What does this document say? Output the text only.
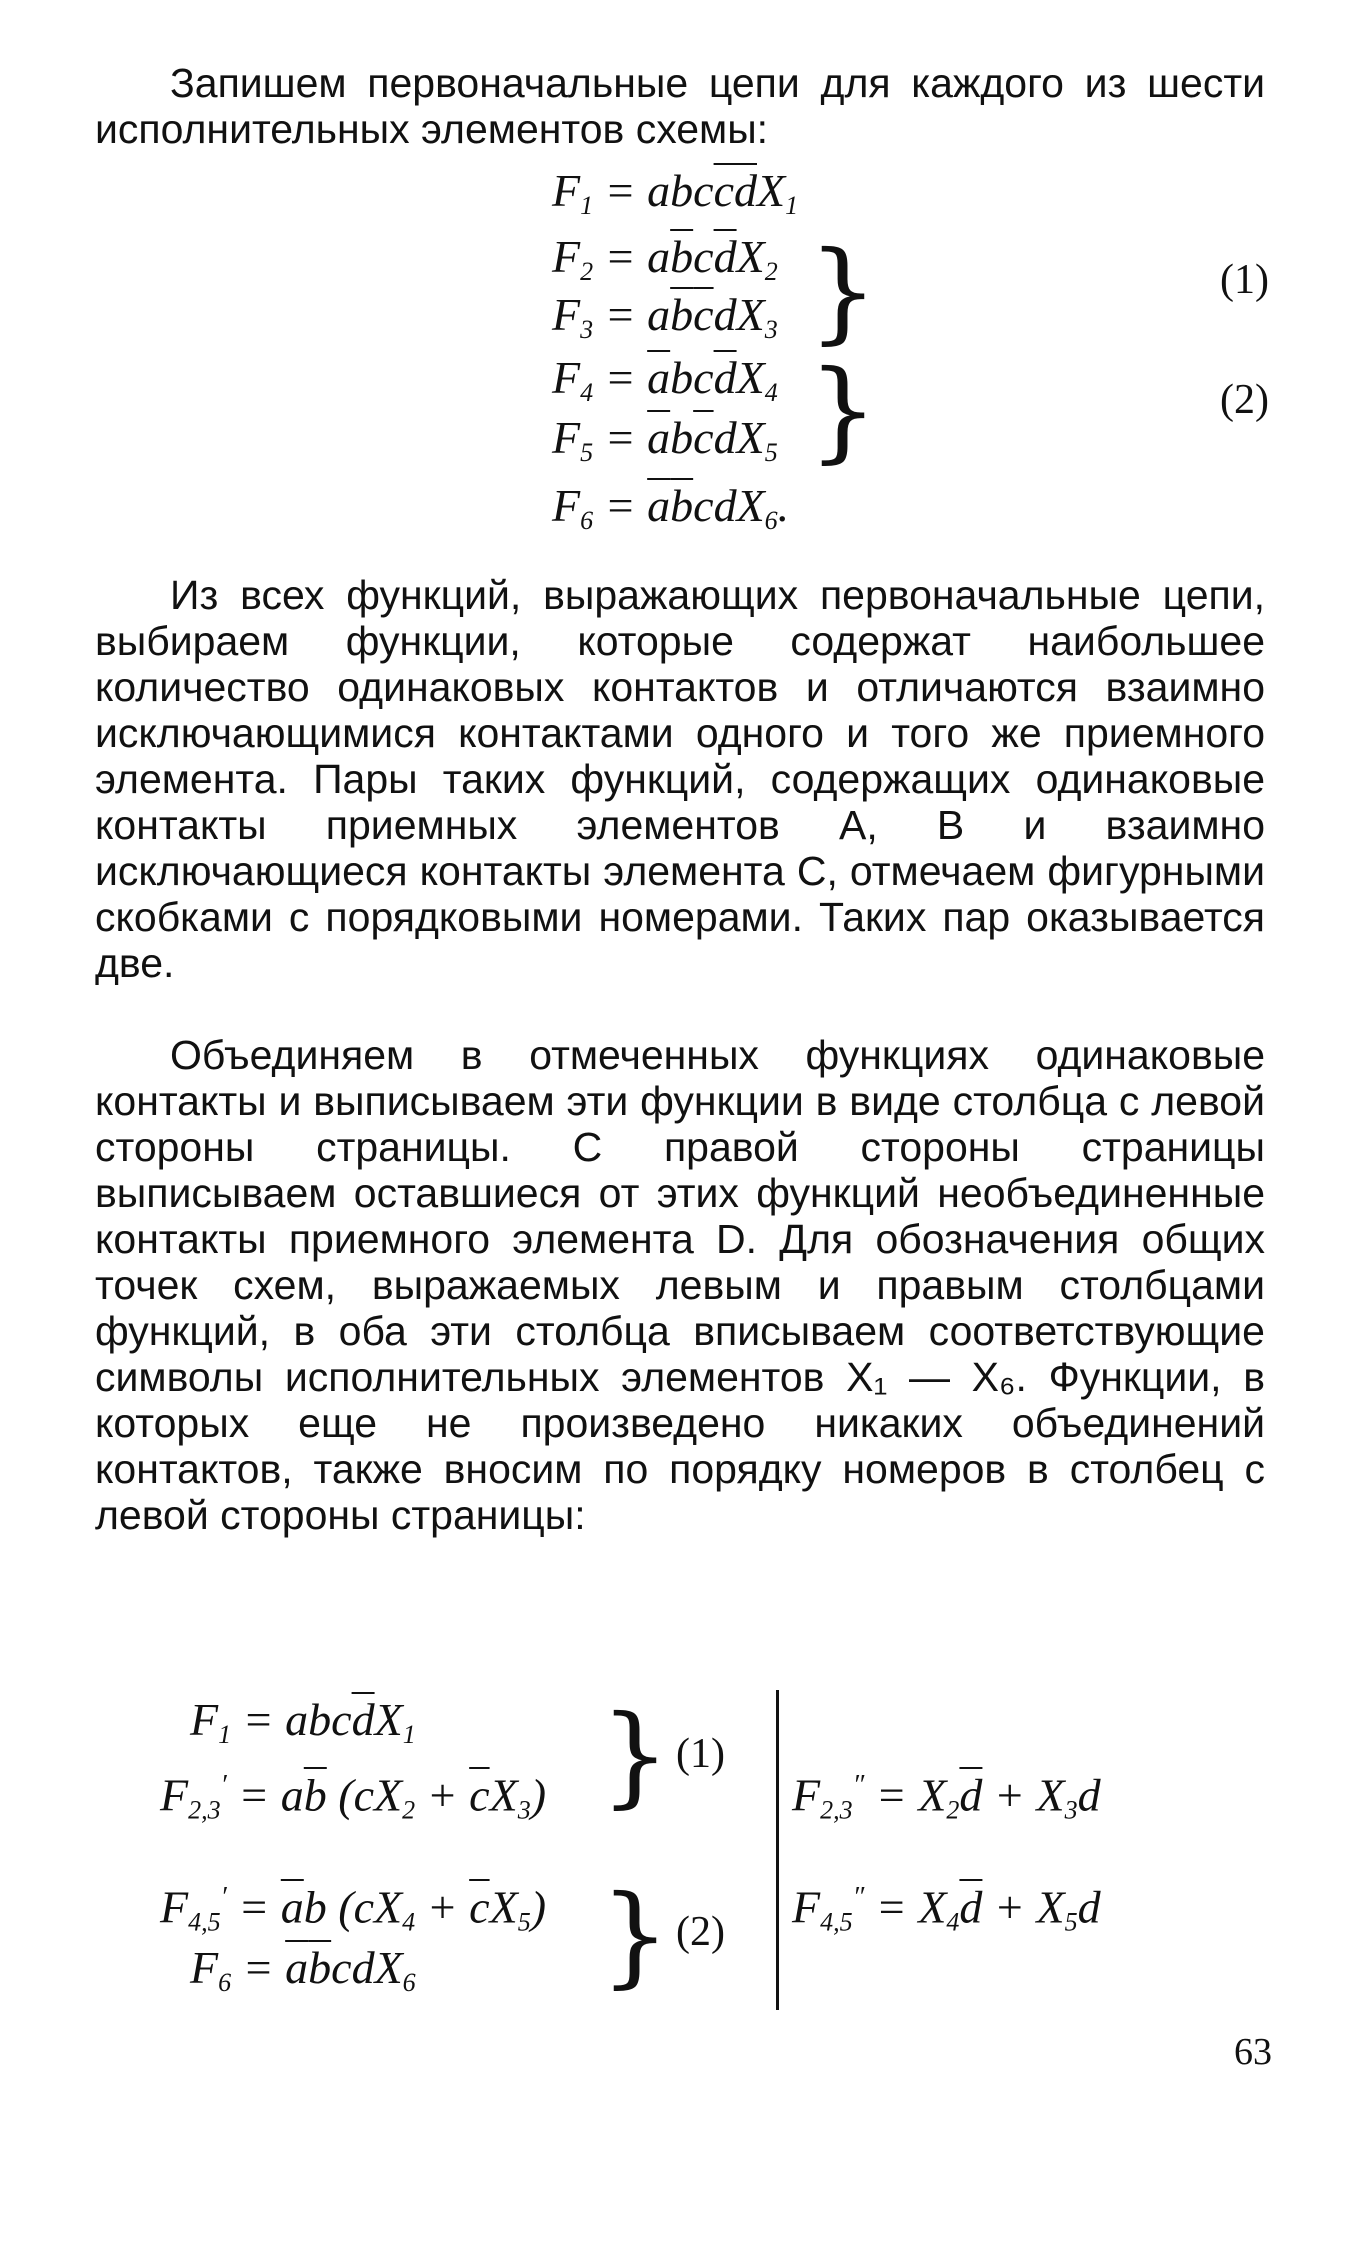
Запишем первоначальные цепи для каждого из шести исполнительных элементов схемы:

$F_1 = abc\overline{c}\overline{d}X_1$
$F_2 = a\overline{b}c\overline{d}X_2$
$F_3 = a\overline{b}\overline{c}dX_3$ }	(1)
$F_4 = \overline{a}bc\overline{d}X_4$
$F_5 = \overline{a}b\overline{c}dX_5$ }	(2)
$F_6 = \overline{a}\overline{b}cdX_6$.

Из всех функций, выражающих первоначальные цепи, выбираем функции, которые содержат наибольшее количество одинаковых контактов и отличаются взаимно исключающимися контактами одного и того же приемного элемента. Пары таких функций, содержащих одинаковые контакты приемных элементов A, B и взаимно исключающиеся контакты элемента C, отмечаем фигурными скобками с порядковыми номерами. Таких пар оказывается две.

Объединяем в отмеченных функциях одинаковые контакты и выписываем эти функции в виде столбца с левой стороны страницы. С правой стороны страницы выписываем оставшиеся от этих функций необъединенные контакты приемного элемента D. Для обозначения общих точек схем, выражаемых левым и правым столбцами функций, в оба эти столбца вписываем соответствующие символы исполнительных элементов X₁ — X₆. Функции, в которых еще не произведено никаких объединений контактов, также вносим по порядку номеров в столбец с левой стороны страницы:

$F_1 = abc\overline{d}X_1$
$F_{2,3}' = a\overline{b}$ $(cX_2 + \overline{c}X_3)$ } (1)
$F_{4,5}' = \overline{a}b$ $(cX_4 + \overline{c}X_5)$
$F_6 = \overline{a}\overline{b}cdX_6$ } (2)
$F_{2,3}'' = X_2\overline{d} + X_3d$
$F_{4,5}'' = X_4\overline{d} + X_5d$
63
